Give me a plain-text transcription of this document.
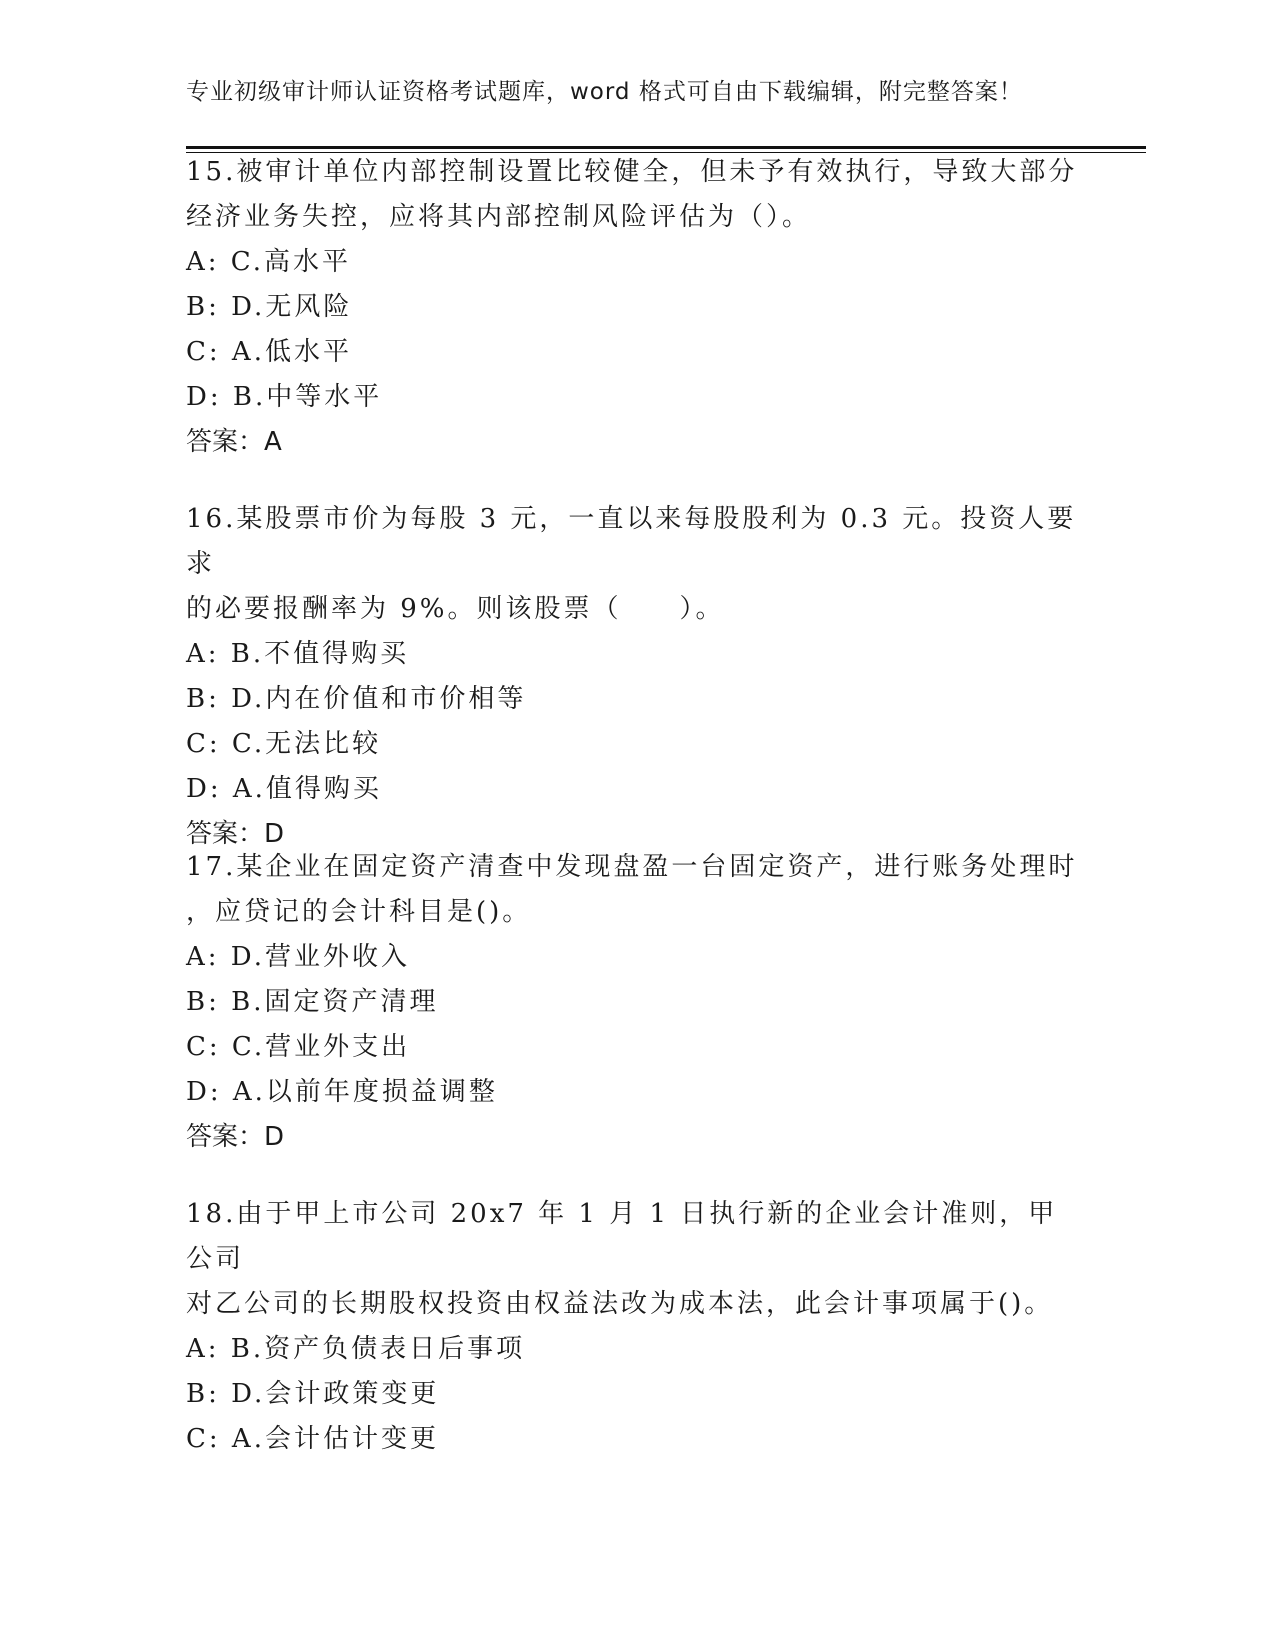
专业初级审计师认证资格考试题库，word 格式可自由下载编辑，附完整答案！
15.被审计单位内部控制设置比较健全，但未予有效执行，导致大部分
经济业务失控，应将其内部控制风险评估为（）。
A: C.高水平
B: D.无风险
C: A.低水平
D: B.中等水平
答案：A
16.某股票市价为每股 3 元，一直以来每股股利为 0.3 元。投资人要求
的必要报酬率为 9%。则该股票（　　）。
A: B.不值得购买
B: D.内在价值和市价相等
C: C.无法比较
D: A.值得购买
答案：D
17.某企业在固定资产清查中发现盘盈一台固定资产，进行账务处理时
，应贷记的会计科目是()。
A: D.营业外收入
B: B.固定资产清理
C: C.营业外支出
D: A.以前年度损益调整
答案：D
18.由于甲上市公司 20x7 年 1 月 1 日执行新的企业会计准则，甲公司
对乙公司的长期股权投资由权益法改为成本法，此会计事项属于()。
A: B.资产负债表日后事项
B: D.会计政策变更
C: A.会计估计变更
